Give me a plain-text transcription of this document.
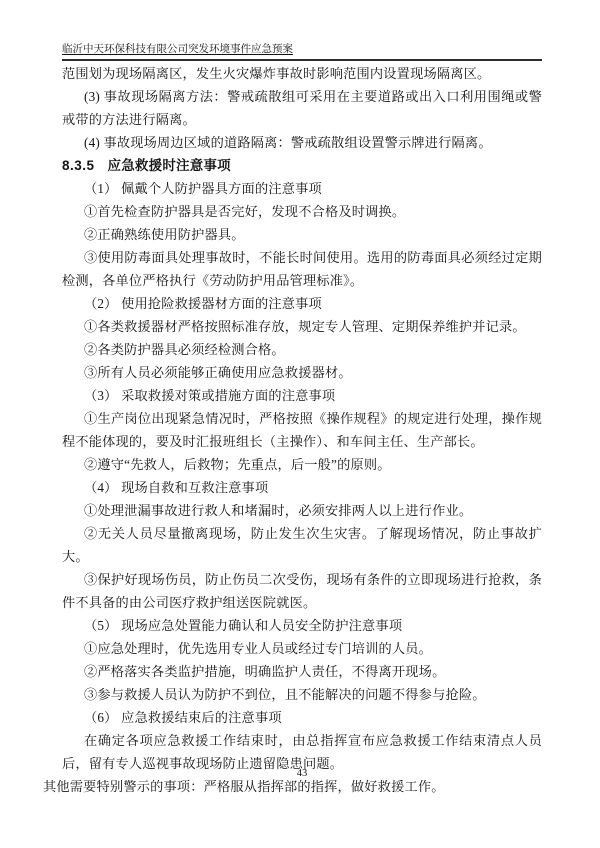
临沂中天环保科技有限公司突发环境事件应急预案

范围划为现场隔离区，发生火灾爆炸事故时影响范围内设置现场隔离区。

(3) 事故现场隔离方法：警戒疏散组可采用在主要道路或出入口利用围绳或警戒带的方法进行隔离。

(4) 事故现场周边区域的道路隔离：警戒疏散组设置警示牌进行隔离。

8.3.5 应急救援时注意事项

（1） 佩戴个人防护器具方面的注意事项

①首先检查防护器具是否完好，发现不合格及时调换。

②正确熟练使用防护器具。

③使用防毒面具处理事故时，不能长时间使用。选用的防毒面具必须经过定期检测，各单位严格执行《劳动防护用品管理标准》。

（2） 使用抢险救援器材方面的注意事项

①各类救援器材严格按照标准存放，规定专人管理、定期保养维护并记录。

②各类防护器具必须经检测合格。

③所有人员必须能够正确使用应急救援器材。

（3） 采取救援对策或措施方面的注意事项

①生产岗位出现紧急情况时，严格按照《操作规程》的规定进行处理，操作规程不能体现的，要及时汇报班组长（主操作）、和车间主任、生产部长。

②遵守“先救人，后救物；先重点，后一般”的原则。

（4） 现场自救和互救注意事项

①处理泄漏事故进行救人和堵漏时，必须安排两人以上进行作业。

②无关人员尽量撤离现场，防止发生次生灾害。了解现场情况，防止事故扩大。

③保护好现场伤员，防止伤员二次受伤，现场有条件的立即现场进行抢救，条件不具备的由公司医疗救护组送医院就医。

（5） 现场应急处置能力确认和人员安全防护注意事项

①应急处理时，优先选用专业人员或经过专门培训的人员。

②严格落实各类监护措施，明确监护人责任，不得离开现场。

③参与救援人员认为防护不到位，且不能解决的问题不得参与抢险。

（6） 应急救援结束后的注意事项

在确定各项应急救援工作结束时，由总指挥宣布应急救援工作结束清点人员后，留有专人巡视事故现场防止遗留隐患问题。

其他需要特别警示的事项：严格服从指挥部的指挥，做好救援工作。

43
